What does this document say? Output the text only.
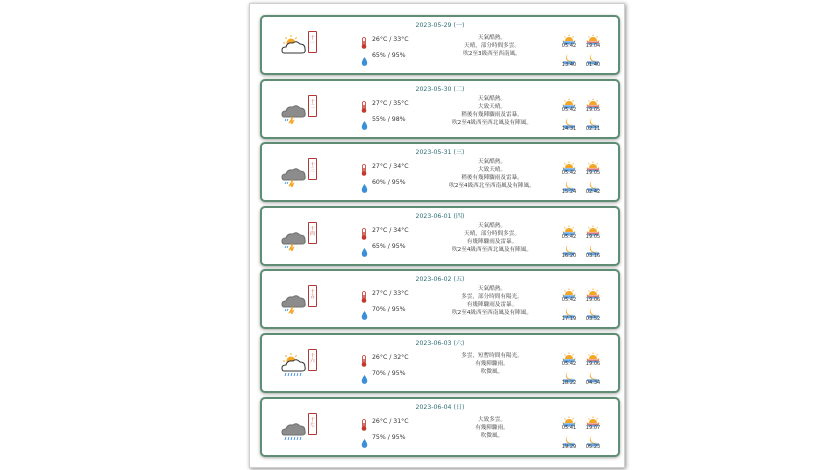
2023-05-29 (一)
十一
26°C / 33°C
65% / 95%
天氣酷熱。
天晴，部分時間多雲。
吹2至3級西至西南風。
05:42	19:04
13:40	01:40
2023-05-30 (二)
十二
27°C / 35°C
55% / 98%
天氣酷熱。
大致天晴。
稍後有幾陣驟雨及雷暴。
吹2至4級西至西北風及有陣風。
05:42	19:05
14:31	02:11
2023-05-31 (三)
十三
27°C / 34°C
60% / 95%
天氣酷熱。
大致天晴。
稍後有幾陣驟雨及雷暴。
吹2至4級西北至西南風及有陣風。
05:42	19:05
15:24	02:42
2023-06-01 (四)
十四
27°C / 34°C
65% / 95%
天氣酷熱。
天晴，部分時間多雲。
有幾陣驟雨及雷暴。
吹2至4級西至西北風及有陣風。
05:42	19:05
16:20	03:16
2023-06-02 (五)
十五
27°C / 33°C
70% / 95%
天氣酷熱。
多雲，部分時間有陽光。
有幾陣驟雨及雷暴。
吹2至4級西至西南風及有陣風。
05:42	19:06
17:19	03:52
2023-06-03 (六)
十六
26°C / 32°C
70% / 95%
多雲，短暫時間有陽光。
有幾陣驟雨。
吹微風。
05:42	19:06
18:22	04:34
2023-06-04 (日)
十七
26°C / 31°C
75% / 95%
大致多雲。
有幾陣驟雨。
吹微風。
05:41	19:07
19:29	05:23
